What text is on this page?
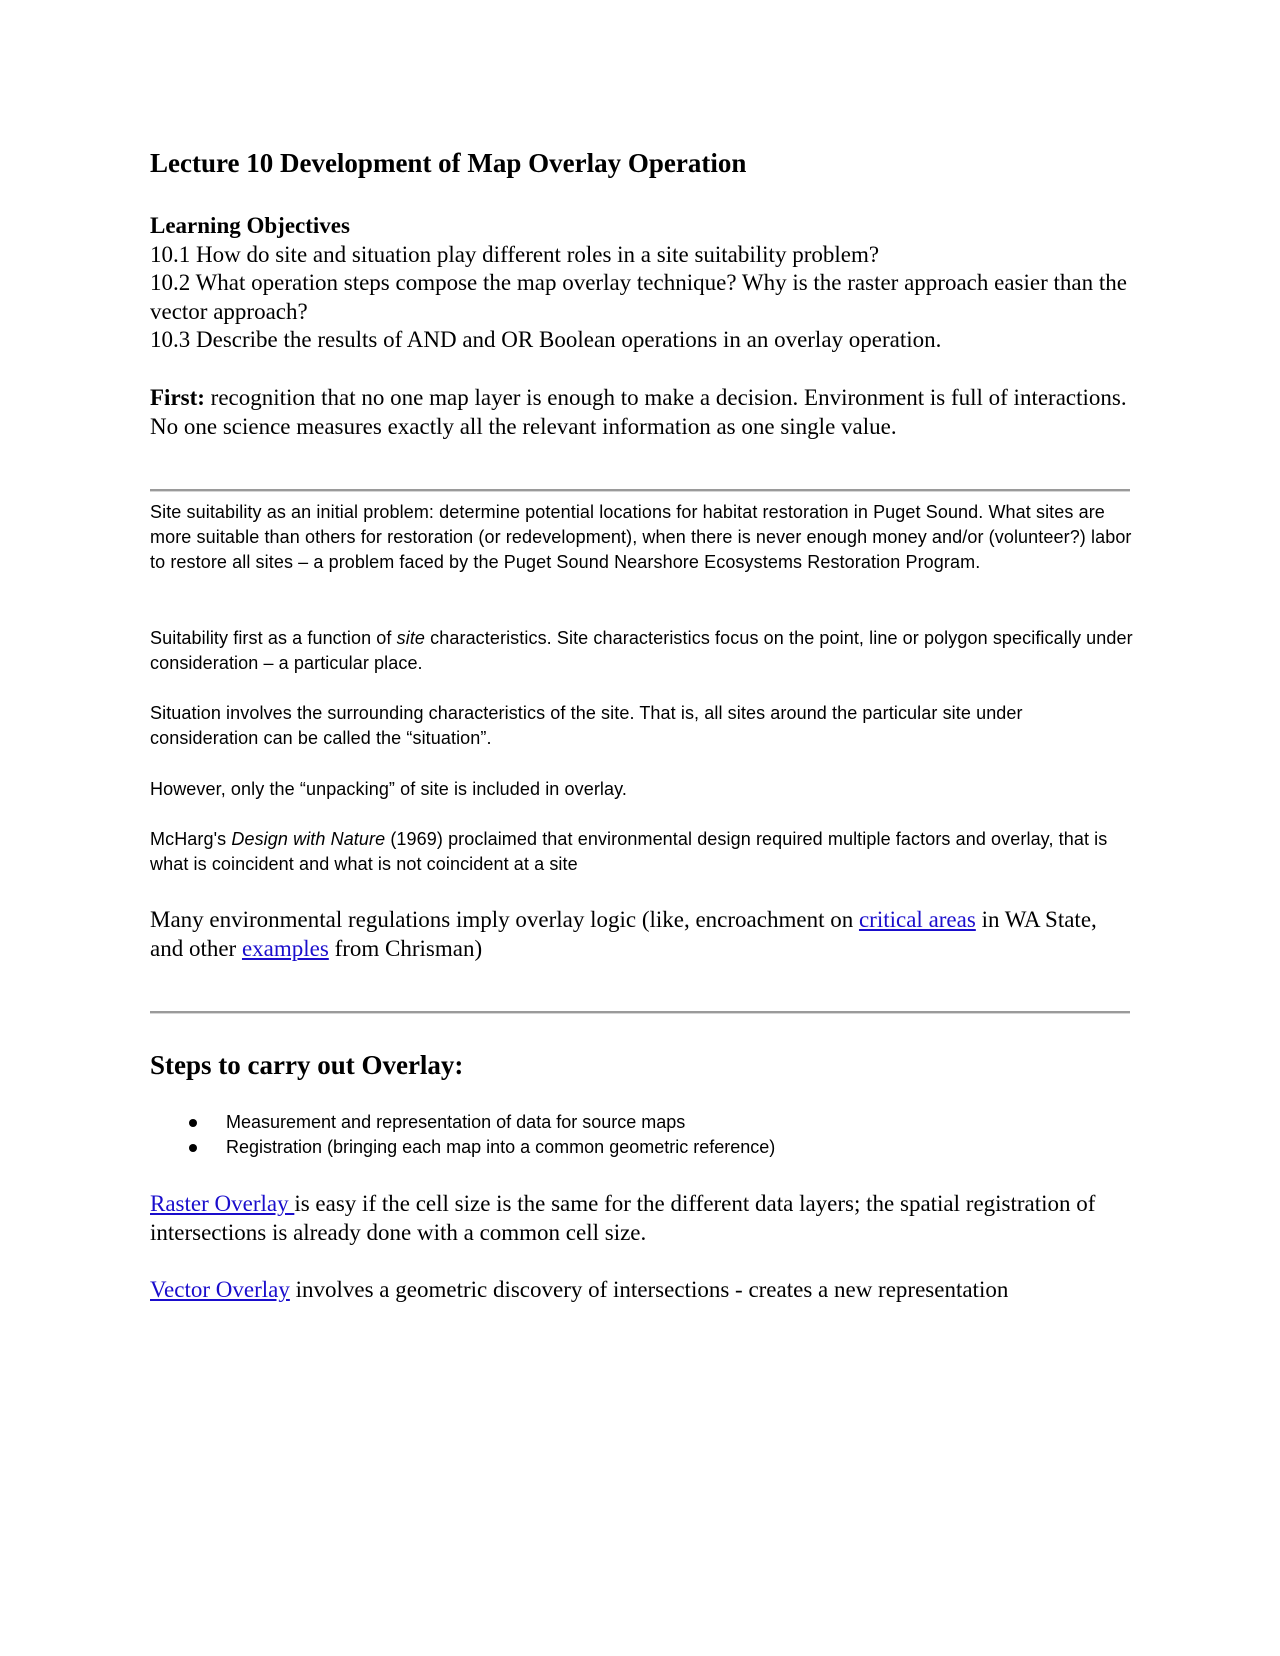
Lecture 10 Development of Map Overlay Operation
Learning Objectives
10.1 How do site and situation play different roles in a site suitability problem?
10.2 What operation steps compose the map overlay technique? Why is the raster approach easier than the vector approach?
10.3 Describe the results of AND and OR Boolean operations in an overlay operation.
First: recognition that no one map layer is enough to make a decision. Environment is full of interactions. No one science measures exactly all the relevant information as one single value.
Site suitability as an initial problem: determine potential locations for habitat restoration in Puget Sound. What sites are more suitable than others for restoration (or redevelopment), when there is never enough money and/or (volunteer?) labor to restore all sites – a problem faced by the Puget Sound Nearshore Ecosystems Restoration Program.
Suitability first as a function of site characteristics. Site characteristics focus on the point, line or polygon specifically under consideration – a particular place.
Situation involves the surrounding characteristics of the site. That is, all sites around the particular site under consideration can be called the “situation”.
However, only the “unpacking” of site is included in overlay.
McHarg's Design with Nature (1969) proclaimed that environmental design required multiple factors and overlay, that is what is coincident and what is not coincident at a site
Many environmental regulations imply overlay logic (like, encroachment on critical areas in WA State, and other examples from Chrisman)
Steps to carry out Overlay:
Measurement and representation of data for source maps
Registration (bringing each map into a common geometric reference)
Raster Overlay is easy if the cell size is the same for the different data layers; the spatial registration of intersections is already done with a common cell size.
Vector Overlay involves a geometric discovery of intersections - creates a new representation
